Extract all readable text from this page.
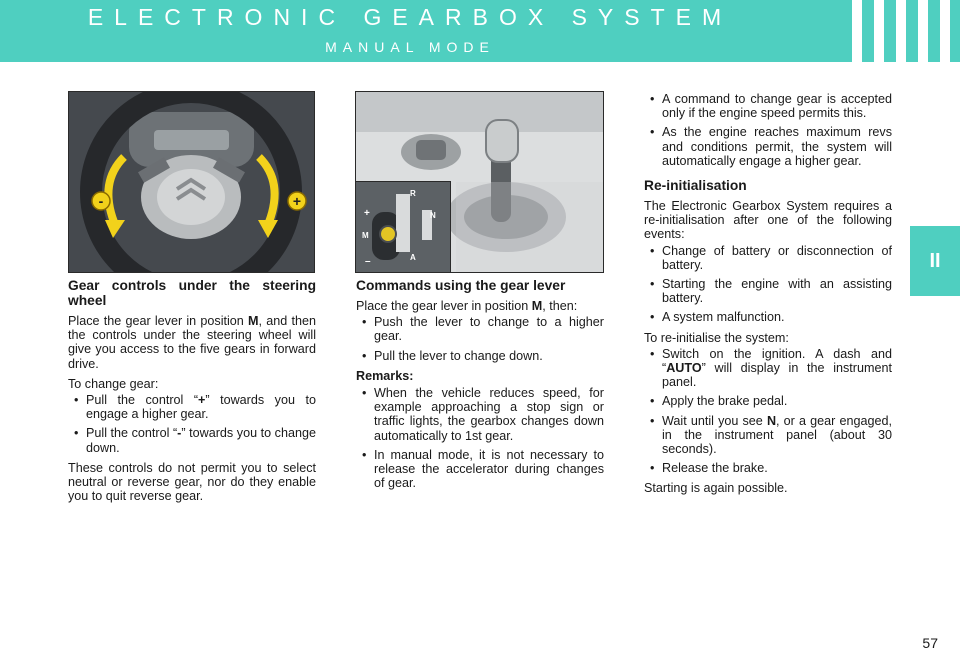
ELECTRONIC GEARBOX SYSTEM
MANUAL MODE
II
-	+	R
N
+
M
–	A
Gear controls under the steering wheel

Place the gear lever in position M, and then the controls under the steering wheel will give you access to the five gears in forward drive.

To change gear:

• Pull the control “+” towards you to engage a higher gear.
• Pull the control “-” towards you to change down.

These controls do not permit you to select neutral or reverse gear, nor do they enable you to quit reverse gear.

Commands using the gear lever

Place the gear lever in position M, then:

• Push the lever to change to a higher gear.
• Pull the lever to change down.
Remarks:
• When the vehicle reduces speed, for example approaching a stop sign or traffic lights, the gearbox changes down automatically to 1st gear.
• In manual mode, it is not necessary to release the accelerator during changes of gear.
• A command to change gear is accepted only if the engine speed permits this.
• As the engine reaches maximum revs and conditions permit, the system will automatically engage a higher gear.
Re-initialisation

The Electronic Gearbox System requires a re-initialisation after one of the following events:

• Change of battery or disconnection of battery.
• Starting the engine with an assisting battery.
• A system malfunction.

To re-initialise the system:

• Switch on the ignition. A dash and “AUTO” will display in the instrument panel.
• Apply the brake pedal.
• Wait until you see N, or a gear engaged, in the instrument panel (about 30 seconds).
• Release the brake.

Starting is again possible.

57
